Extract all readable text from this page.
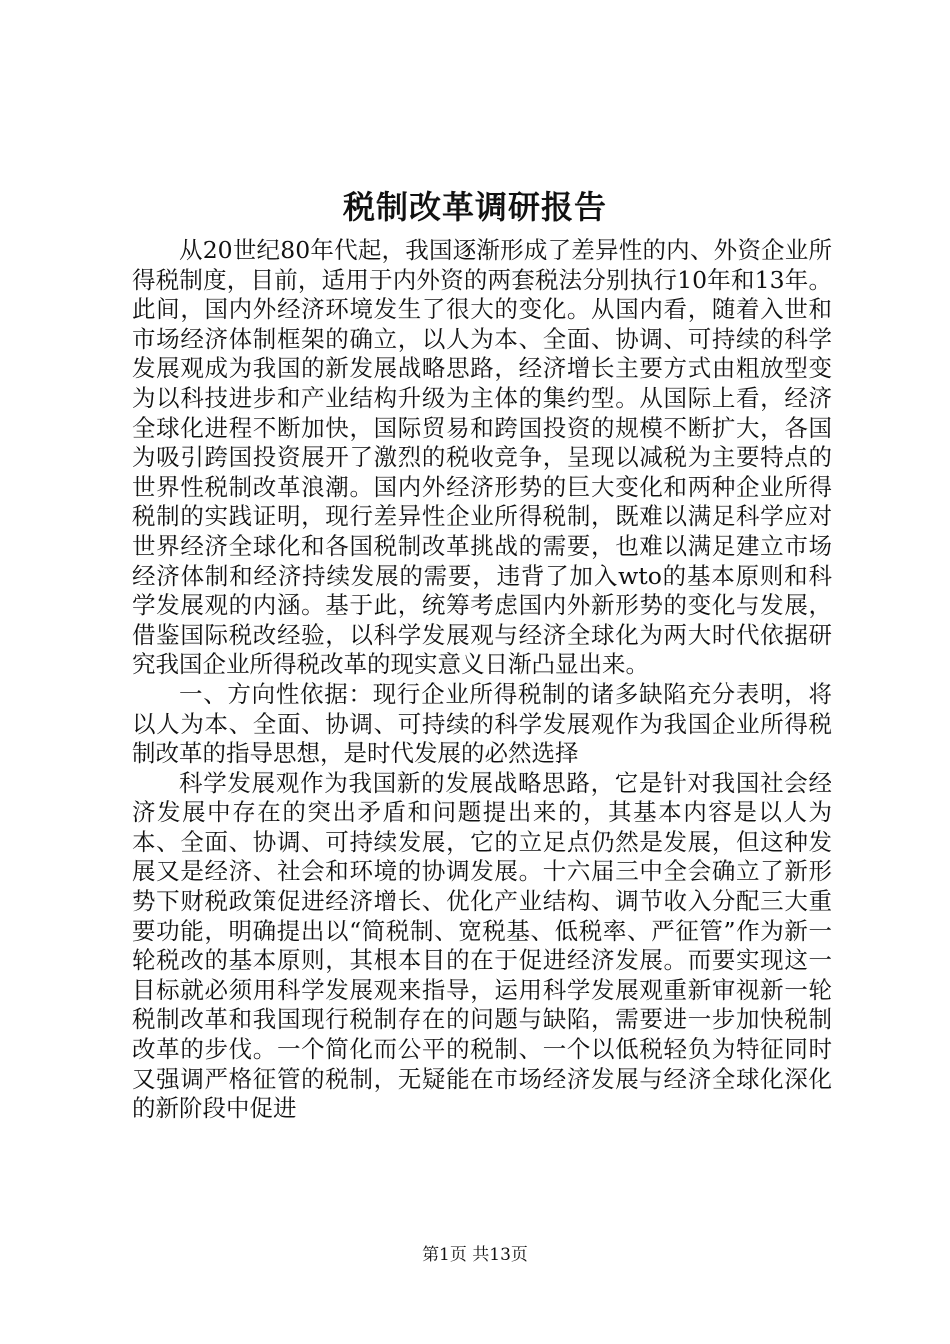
税制改革调研报告

从20世纪80年代起，我国逐渐形成了差异性的内、外资企业所得税制度，目前，适用于内外资的两套税法分别执行10年和13年。此间，国内外经济环境发生了很大的变化。从国内看，随着入世和市场经济体制框架的确立，以人为本、全面、协调、可持续的科学发展观成为我国的新发展战略思路，经济增长主要方式由粗放型变为以科技进步和产业结构升级为主体的集约型。从国际上看，经济全球化进程不断加快，国际贸易和跨国投资的规模不断扩大，各国为吸引跨国投资展开了激烈的税收竞争，呈现以减税为主要特点的世界性税制改革浪潮。国内外经济形势的巨大变化和两种企业所得税制的实践证明，现行差异性企业所得税制，既难以满足科学应对世界经济全球化和各国税制改革挑战的需要，也难以满足建立市场经济体制和经济持续发展的需要，违背了加入wto的基本原则和科学发展观的内涵。基于此，统筹考虑国内外新形势的变化与发展，借鉴国际税改经验，以科学发展观与经济全球化为两大时代依据研究我国企业所得税改革的现实意义日渐凸显出来。

一、方向性依据：现行企业所得税制的诸多缺陷充分表明，将以人为本、全面、协调、可持续的科学发展观作为我国企业所得税制改革的指导思想，是时代发展的必然选择

科学发展观作为我国新的发展战略思路，它是针对我国社会经济发展中存在的突出矛盾和问题提出来的，其基本内容是以人为本、全面、协调、可持续发展，它的立足点仍然是发展，但这种发展又是经济、社会和环境的协调发展。十六届三中全会确立了新形势下财税政策促进经济增长、优化产业结构、调节收入分配三大重要功能，明确提出以“简税制、宽税基、低税率、严征管”作为新一轮税改的基本原则，其根本目的在于促进经济发展。而要实现这一目标就必须用科学发展观来指导，运用科学发展观重新审视新一轮税制改革和我国现行税制存在的问题与缺陷，需要进一步加快税制改革的步伐。一个简化而公平的税制、一个以低税轻负为特征同时又强调严格征管的税制，无疑能在市场经济发展与经济全球化深化的新阶段中促进

第1页 共13页
